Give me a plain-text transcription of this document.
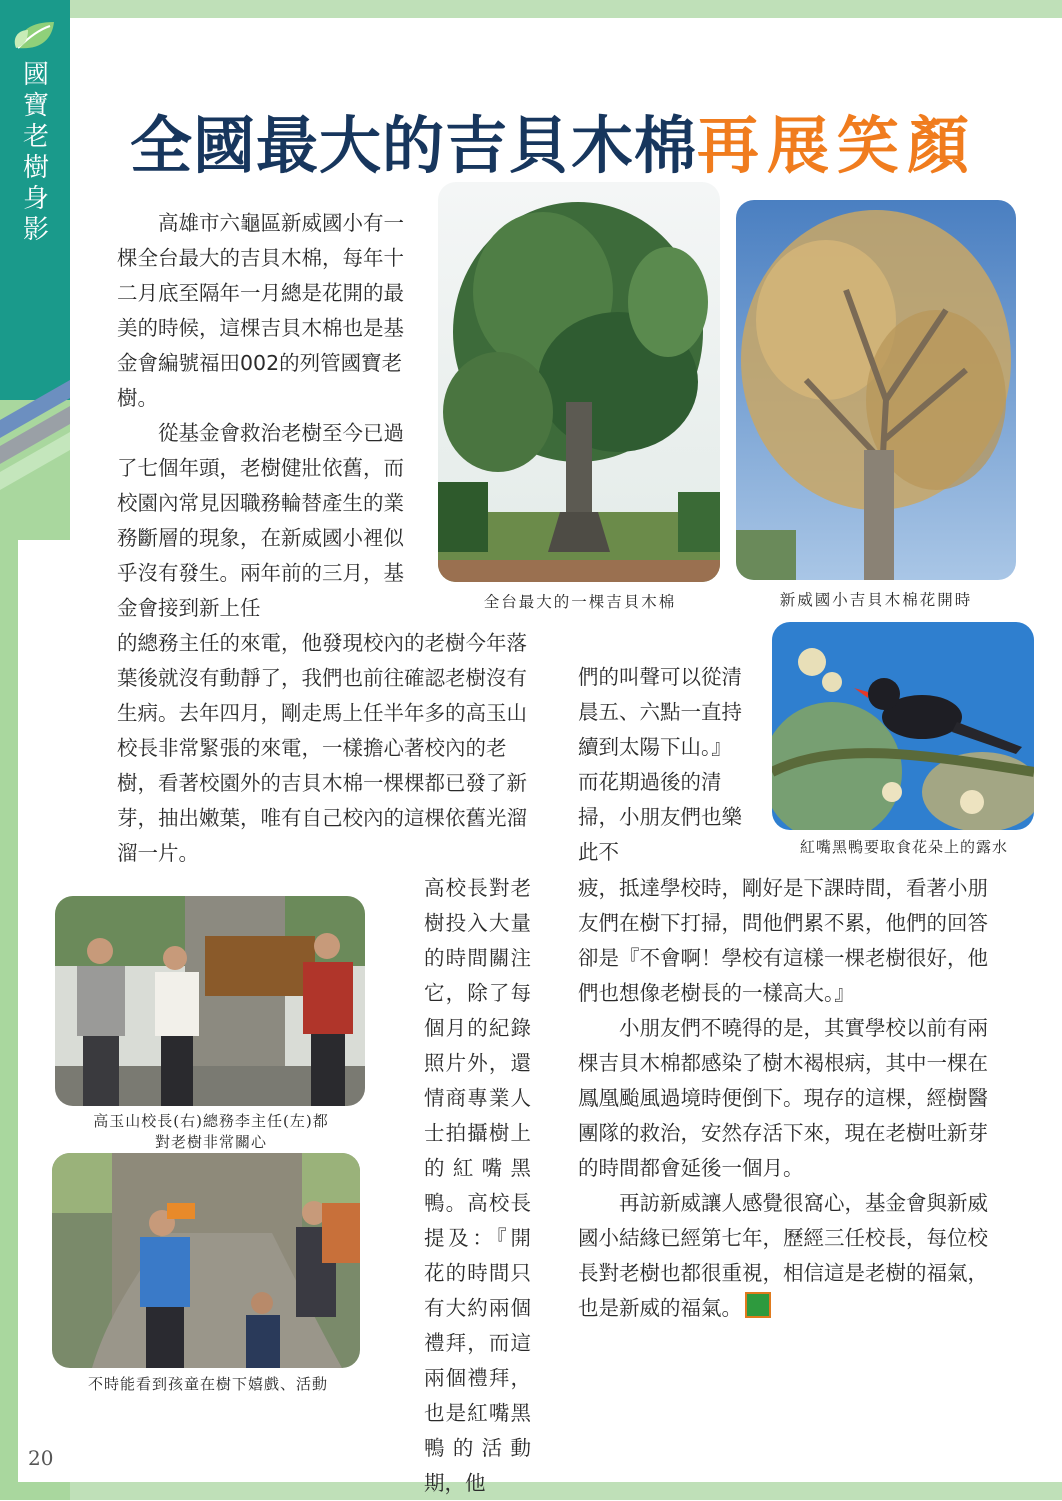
國寶老樹身影
全國最大的吉貝木棉再展笑顏

高雄市六龜區新威國小有一棵全台最大的吉貝木棉，每年十二月底至隔年一月總是花開的最美的時候，這棵吉貝木棉也是基金會編號福田002的列管國寶老樹。

從基金會救治老樹至今已過了七個年頭，老樹健壯依舊，而校園內常見因職務輪替產生的業務斷層的現象，在新威國小裡似乎沒有發生。兩年前的三月，基金會接到新上任

的總務主任的來電，他發現校內的老樹今年落葉後就沒有動靜了，我們也前往確認老樹沒有生病。去年四月，剛走馬上任半年多的高玉山校長非常緊張的來電，一樣擔心著校內的老樹，看著校園外的吉貝木棉一棵棵都已發了新芽，抽出嫩葉，唯有自己校內的這棵依舊光溜溜一片。

全台最大的一棵吉貝木棉	新威國小吉貝木棉花開時
紅嘴黑鴨要取食花朵上的露水

們的叫聲可以從清晨五、六點一直持續到太陽下山。』而花期過後的清掃，小朋友們也樂此不

疲，抵達學校時，剛好是下課時間，看著小朋友們在樹下打掃，問他們累不累，他們的回答卻是『不會啊！學校有這樣一棵老樹很好，他們也想像老樹長的一樣高大。』

小朋友們不曉得的是，其實學校以前有兩棵吉貝木棉都感染了樹木褐根病，其中一棵在鳳凰颱風過境時便倒下。現存的這棵，經樹醫團隊的救治，安然存活下來，現在老樹吐新芽的時間都會延後一個月。

再訪新威讓人感覺很窩心，基金會與新威國小結緣已經第七年，歷經三任校長，每位校長對老樹也都很重視，相信這是老樹的福氣，也是新威的福氣。

高校長對老樹投入大量的時間關注它，除了每個月的紀錄照片外，還情商專業人士拍攝樹上的紅嘴黑鴨。高校長提及：『開花的時間只有大約兩個禮拜，而這兩個禮拜，也是紅嘴黑鴨的活動期，他

高玉山校長(右)總務李主任(左)都
對老樹非常關心
不時能看到孩童在樹下嬉戲、活動
20
